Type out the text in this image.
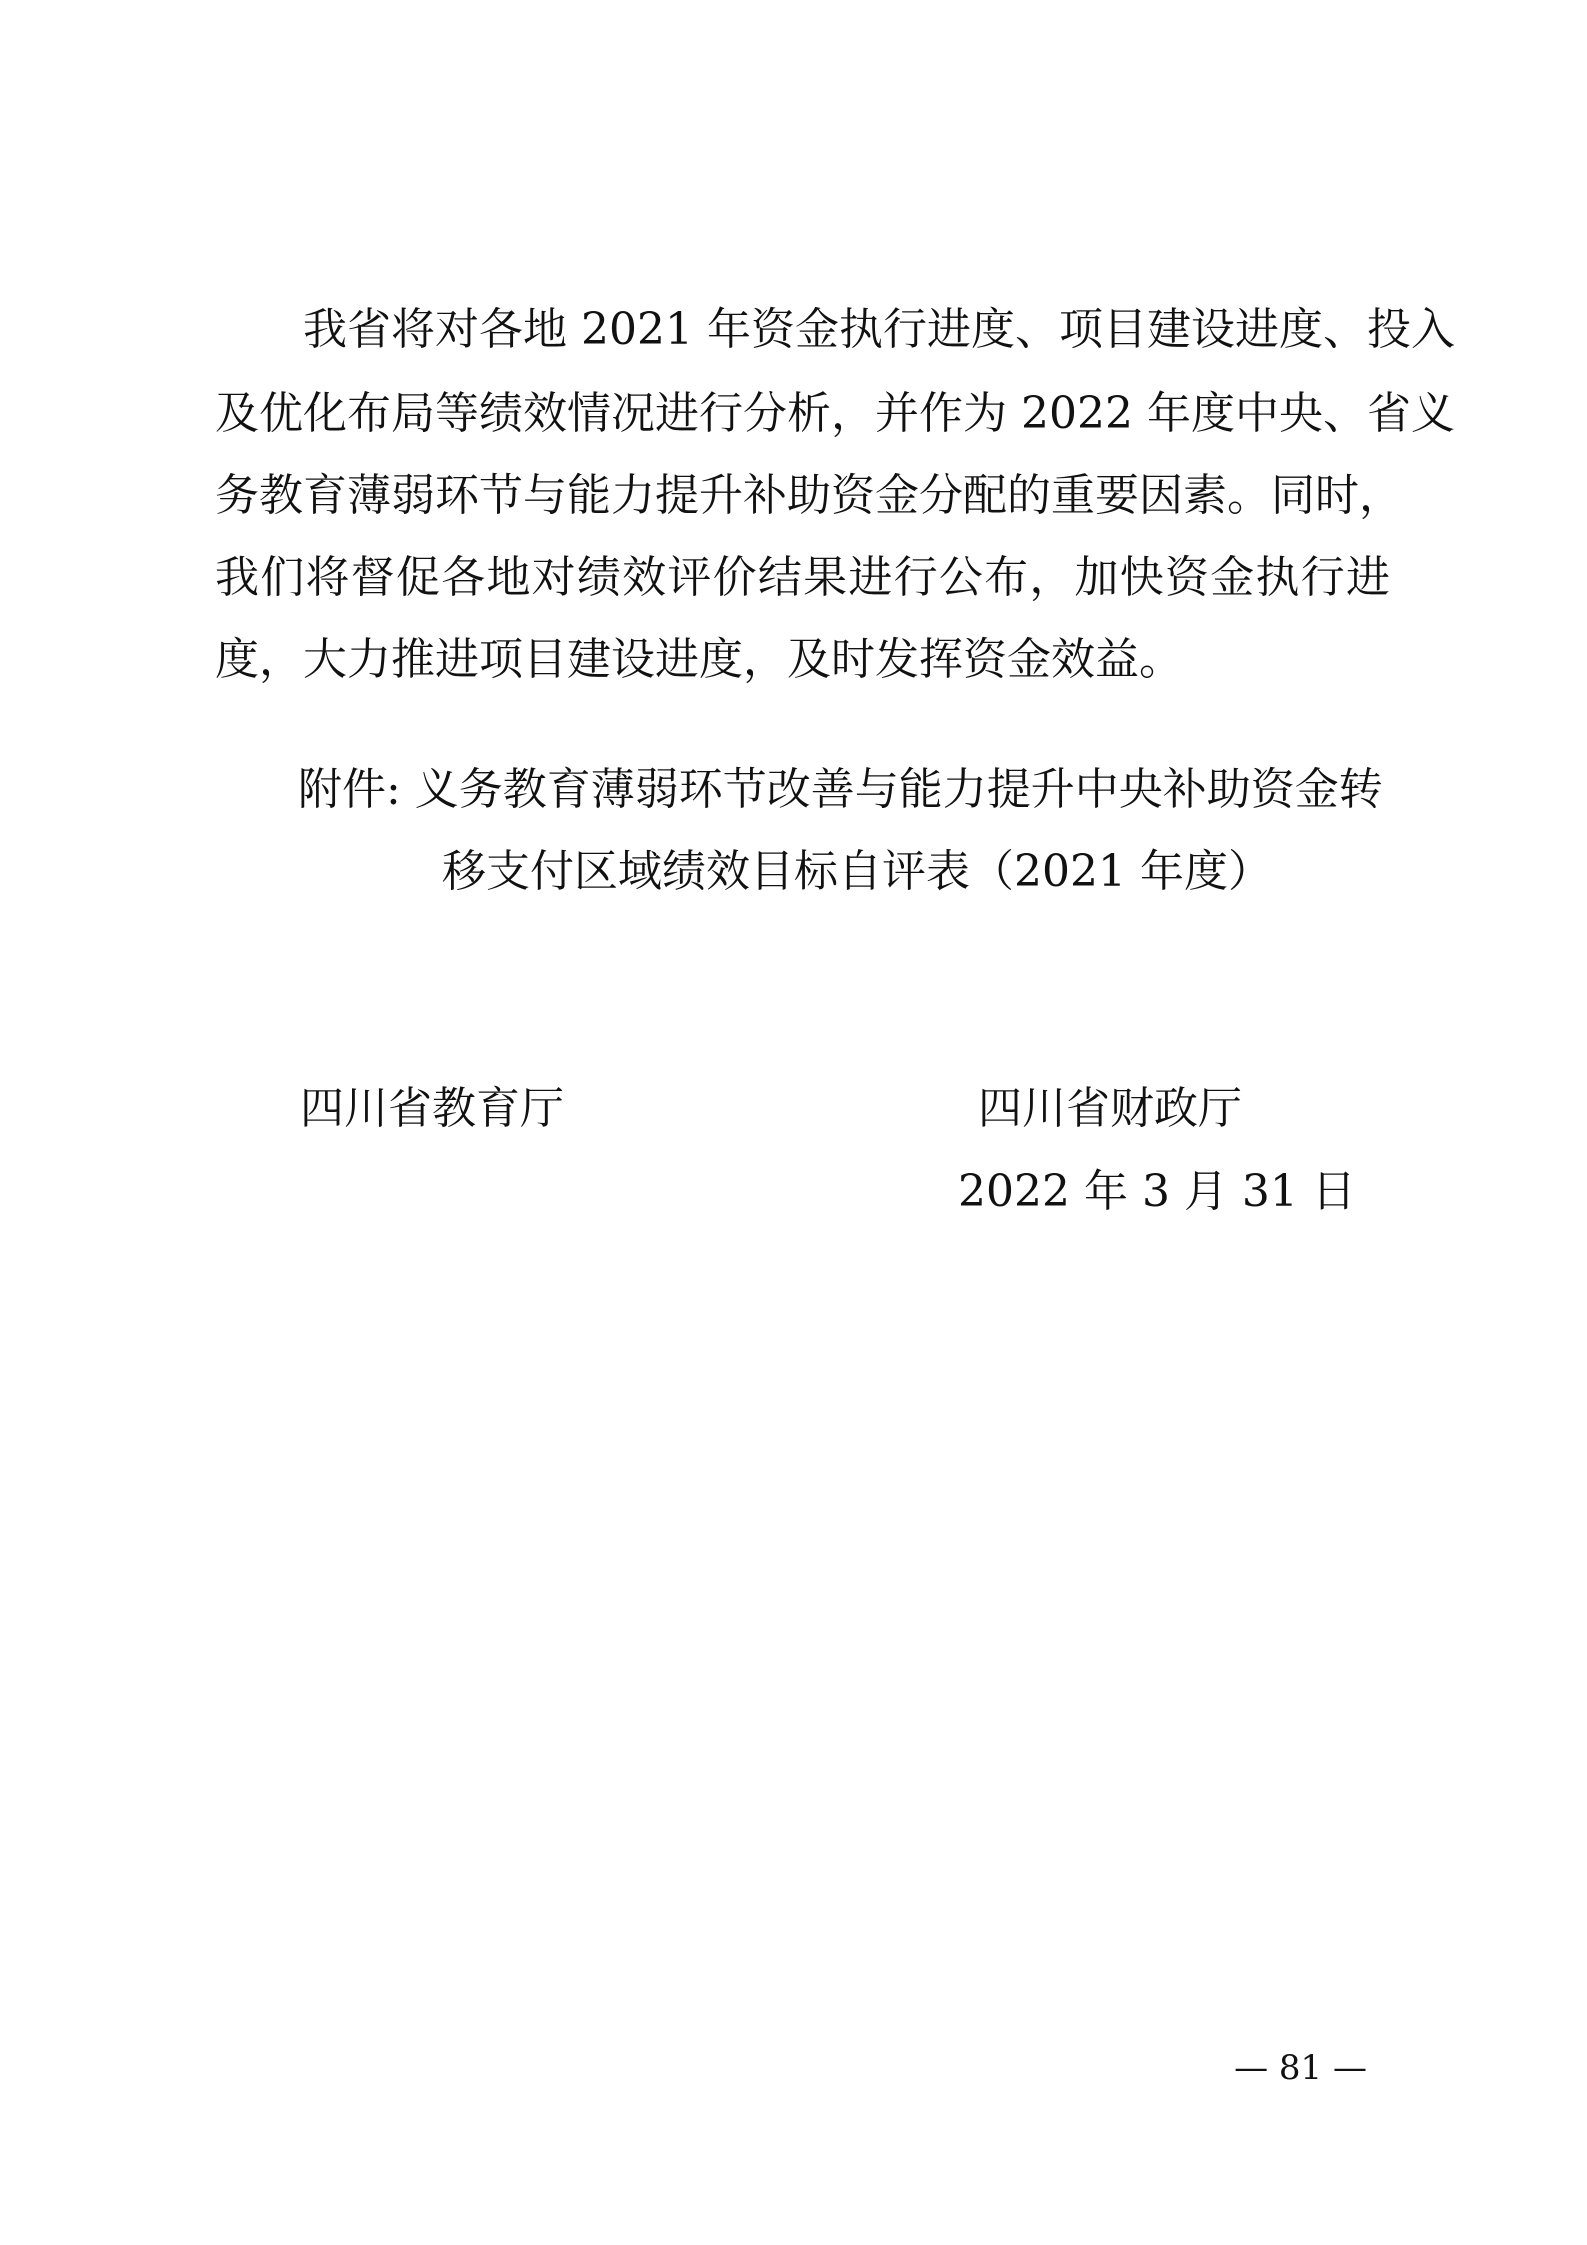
　　我省将对各地 2021 年资金执行进度、项目建设进度、投入

及优化布局等绩效情况进行分析，并作为 2022 年度中央、省义

务教育薄弱环节与能力提升补助资金分配的重要因素。同时，

我们将督促各地对绩效评价结果进行公布，加快资金执行进

度，大力推进项目建设进度，及时发挥资金效益。

附件: 义务教育薄弱环节改善与能力提升中央补助资金转

移支付区域绩效目标自评表（2021 年度）

四川省教育厅	四川省财政厅

2022 年 3 月 31 日

— 81 —
